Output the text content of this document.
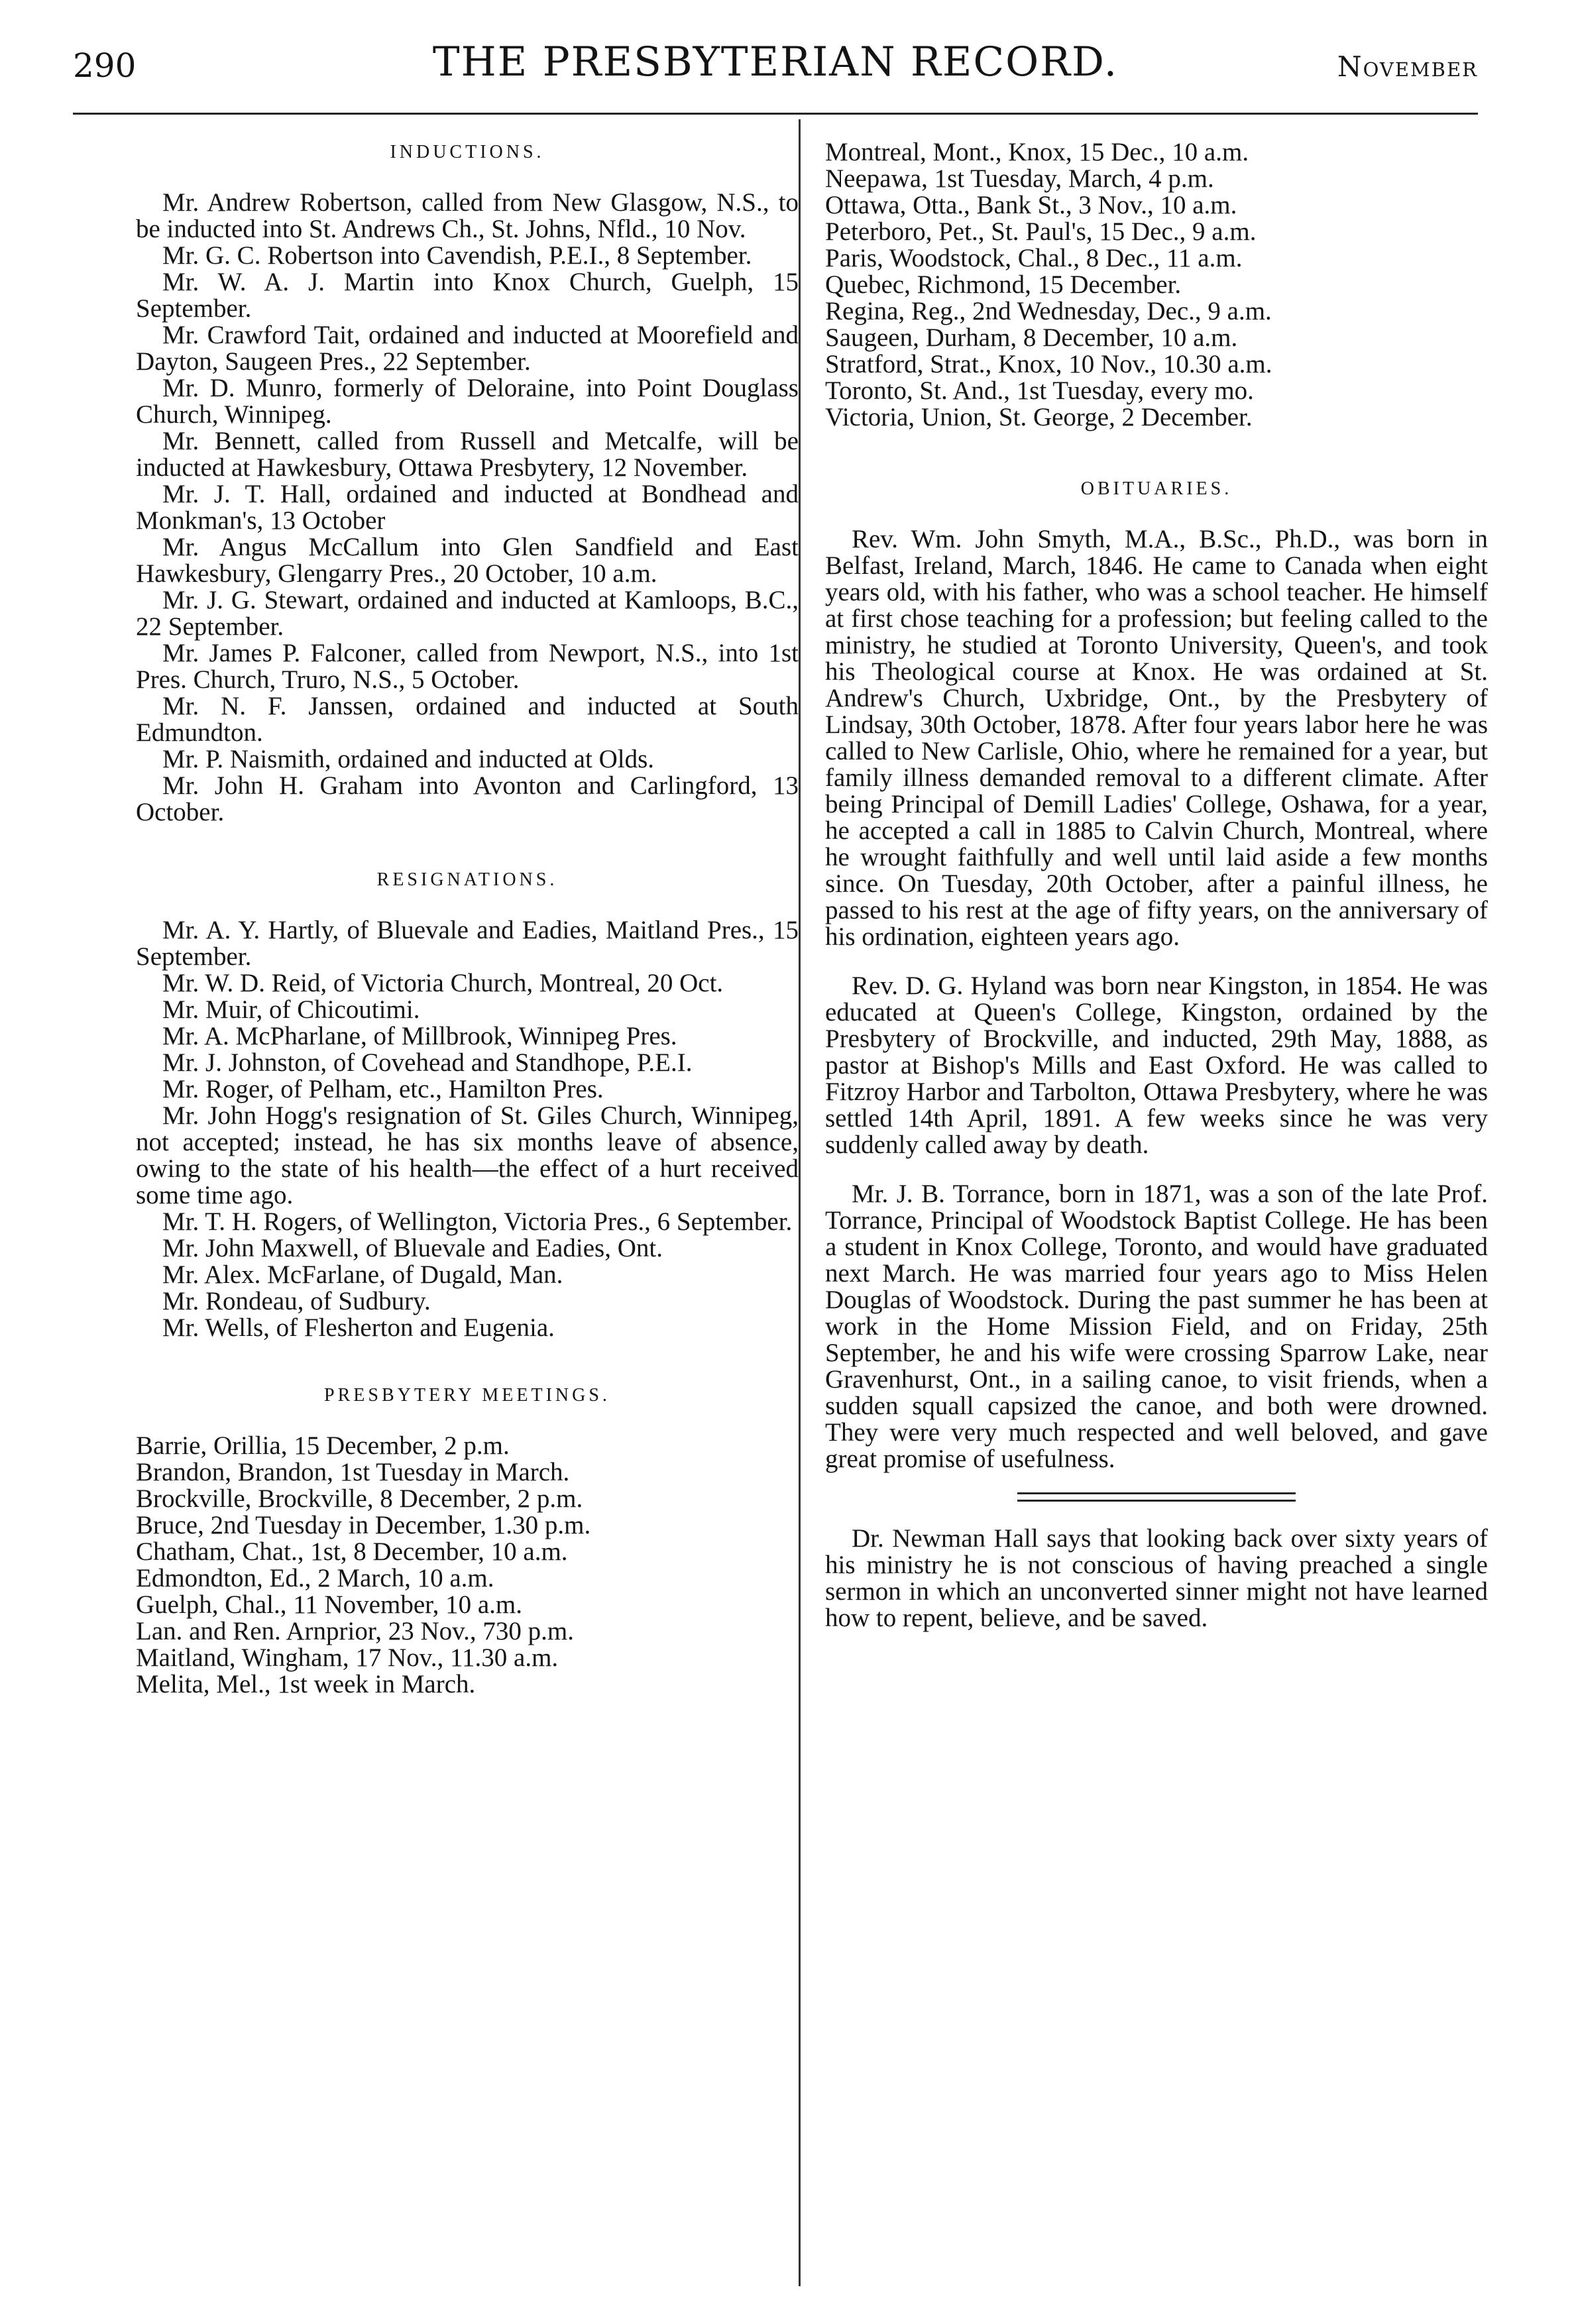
290	THE PRESBYTERIAN RECORD.	November
INDUCTIONS.

Mr. Andrew Robertson, called from New Glasgow, N.S., to be inducted into St. Andrews Ch., St. Johns, Nfld., 10 Nov.

Mr. G. C. Robertson into Cavendish, P.E.I., 8 September.

Mr. W. A. J. Martin into Knox Church, Guelph, 15 September.

Mr. Crawford Tait, ordained and inducted at Moorefield and Dayton, Saugeen Pres., 22 September.

Mr. D. Munro, formerly of Deloraine, into Point Douglass Church, Winnipeg.

Mr. Bennett, called from Russell and Metcalfe, will be inducted at Hawkesbury, Ottawa Presbytery, 12 November.

Mr. J. T. Hall, ordained and inducted at Bondhead and Monkman's, 13 October

Mr. Angus McCallum into Glen Sandfield and East Hawkesbury, Glengarry Pres., 20 October, 10 a.m.

Mr. J. G. Stewart, ordained and inducted at Kamloops, B.C., 22 September.

Mr. James P. Falconer, called from Newport, N.S., into 1st Pres. Church, Truro, N.S., 5 October.

Mr. N. F. Janssen, ordained and inducted at South Edmundton.

Mr. P. Naismith, ordained and inducted at Olds.

Mr. John H. Graham into Avonton and Carlingford, 13 October.

RESIGNATIONS.

Mr. A. Y. Hartly, of Bluevale and Eadies, Maitland Pres., 15 September.

Mr. W. D. Reid, of Victoria Church, Montreal, 20 Oct.

Mr. Muir, of Chicoutimi.

Mr. A. McPharlane, of Millbrook, Winnipeg Pres.

Mr. J. Johnston, of Covehead and Standhope, P.E.I.

Mr. Roger, of Pelham, etc., Hamilton Pres.

Mr. John Hogg's resignation of St. Giles Church, Winnipeg, not accepted; instead, he has six months leave of absence, owing to the state of his health—the effect of a hurt received some time ago.

Mr. T. H. Rogers, of Wellington, Victoria Pres., 6 September.

Mr. John Maxwell, of Bluevale and Eadies, Ont.

Mr. Alex. McFarlane, of Dugald, Man.

Mr. Rondeau, of Sudbury.

Mr. Wells, of Flesherton and Eugenia.

PRESBYTERY MEETINGS.

Barrie, Orillia, 15 December, 2 p.m.

Brandon, Brandon, 1st Tuesday in March.

Brockville, Brockville, 8 December, 2 p.m.

Bruce, 2nd Tuesday in December, 1.30 p.m.

Chatham, Chat., 1st, 8 December, 10 a.m.

Edmondton, Ed., 2 March, 10 a.m.

Guelph, Chal., 11 November, 10 a.m.

Lan. and Ren. Arnprior, 23 Nov., 730 p.m.

Maitland, Wingham, 17 Nov., 11.30 a.m.

Melita, Mel., 1st week in March.

Montreal, Mont., Knox, 15 Dec., 10 a.m.

Neepawa, 1st Tuesday, March, 4 p.m.

Ottawa, Otta., Bank St., 3 Nov., 10 a.m.

Peterboro, Pet., St. Paul's, 15 Dec., 9 a.m.

Paris, Woodstock, Chal., 8 Dec., 11 a.m.

Quebec, Richmond, 15 December.

Regina, Reg., 2nd Wednesday, Dec., 9 a.m.

Saugeen, Durham, 8 December, 10 a.m.

Stratford, Strat., Knox, 10 Nov., 10.30 a.m.

Toronto, St. And., 1st Tuesday, every mo.

Victoria, Union, St. George, 2 December.

OBITUARIES.

Rev. Wm. John Smyth, M.A., B.Sc., Ph.D., was born in Belfast, Ireland, March, 1846. He came to Canada when eight years old, with his father, who was a school teacher. He himself at first chose teaching for a profession; but feeling called to the ministry, he studied at Toronto University, Queen's, and took his Theological course at Knox. He was ordained at St. Andrew's Church, Uxbridge, Ont., by the Presbytery of Lindsay, 30th October, 1878. After four years labor here he was called to New Carlisle, Ohio, where he remained for a year, but family illness demanded removal to a different climate. After being Principal of Demill Ladies' College, Oshawa, for a year, he accepted a call in 1885 to Calvin Church, Montreal, where he wrought faithfully and well until laid aside a few months since. On Tuesday, 20th October, after a painful illness, he passed to his rest at the age of fifty years, on the anniversary of his ordination, eighteen years ago.

Rev. D. G. Hyland was born near Kingston, in 1854. He was educated at Queen's College, Kingston, ordained by the Presbytery of Brockville, and inducted, 29th May, 1888, as pastor at Bishop's Mills and East Oxford. He was called to Fitzroy Harbor and Tarbolton, Ottawa Presbytery, where he was settled 14th April, 1891. A few weeks since he was very suddenly called away by death.

Mr. J. B. Torrance, born in 1871, was a son of the late Prof. Torrance, Principal of Woodstock Baptist College. He has been a student in Knox College, Toronto, and would have graduated next March. He was married four years ago to Miss Helen Douglas of Woodstock. During the past summer he has been at work in the Home Mission Field, and on Friday, 25th September, he and his wife were crossing Sparrow Lake, near Gravenhurst, Ont., in a sailing canoe, to visit friends, when a sudden squall capsized the canoe, and both were drowned. They were very much respected and well beloved, and gave great promise of usefulness.

Dr. Newman Hall says that looking back over sixty years of his ministry he is not conscious of having preached a single sermon in which an unconverted sinner might not have learned how to repent, believe, and be saved.
